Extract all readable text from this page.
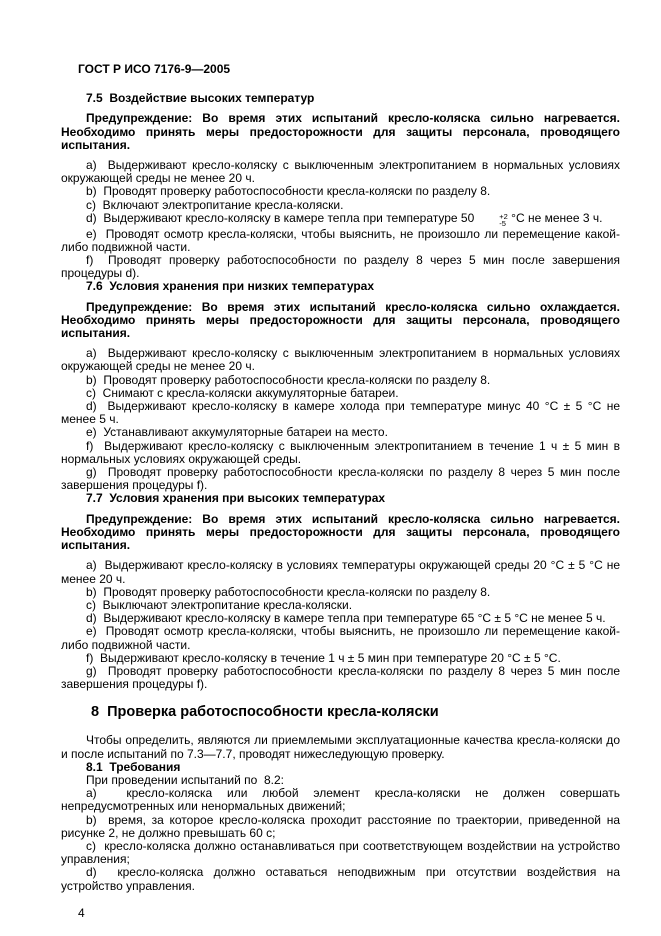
ГОСТ Р ИСО 7176-9—2005

7.5  Воздействие высоких температур

Предупреждение: Во время этих испытаний кресло-коляска сильно нагревается. Необходимо принять меры предосторожности для защиты персонала, проводящего испытания.

a)  Выдерживают кресло-коляску с выключенным электропитанием в нормальных условиях окружающей среды не менее 20 ч.

b)  Проводят проверку работоспособности кресла-коляски по разделу 8.

c)  Включают электропитание кресла-коляски.

d)  Выдерживают кресло-коляску в камере тепла при температуре 50	+2
-5 °С не менее 3 ч.

e)  Проводят осмотр кресла-коляски, чтобы выяснить, не произошло ли перемещение какой-либо подвижной части.

f)  Проводят проверку работоспособности по разделу 8 через 5 мин после завершения процедуры d).

7.6  Условия хранения при низких температурах

Предупреждение: Во время этих испытаний кресло-коляска сильно охлаждается. Необходимо принять меры предосторожности для защиты персонала, проводящего испытания.

a)  Выдерживают кресло-коляску с выключенным электропитанием в нормальных условиях окружающей среды не менее 20 ч.

b)  Проводят проверку работоспособности кресла-коляски по разделу 8.

c)  Снимают с кресла-коляски аккумуляторные батареи.

d)  Выдерживают кресло-коляску в камере холода при температуре минус 40 °С ± 5 °С не менее 5 ч.

e)  Устанавливают аккумуляторные батареи на место.

f)  Выдерживают кресло-коляску с выключенным электропитанием в течение 1 ч ± 5 мин в нормальных условиях окружающей среды.

g)  Проводят проверку работоспособности кресла-коляски по разделу 8 через 5 мин после завершения процедуры f).

7.7  Условия хранения при высоких температурах

Предупреждение: Во время этих испытаний кресло-коляска сильно нагревается. Необходимо принять меры предосторожности для защиты персонала, проводящего испытания.

a)  Выдерживают кресло-коляску в условиях температуры окружающей среды 20 °С ± 5 °С не менее 20 ч.

b)  Проводят проверку работоспособности кресла-коляски по разделу 8.

c)  Выключают электропитание кресла-коляски.

d)  Выдерживают кресло-коляску в камере тепла при температуре 65 °С ± 5 °С не менее 5 ч.

e)  Проводят осмотр кресла-коляски, чтобы выяснить, не произошло ли перемещение какой-либо подвижной части.

f)  Выдерживают кресло-коляску в течение 1 ч ± 5 мин при температуре 20 °С ± 5 °С.

g)  Проводят проверку работоспособности кресла-коляски по разделу 8 через 5 мин после завершения процедуры f).

8  Проверка работоспособности кресла-коляски

Чтобы определить, являются ли приемлемыми эксплуатационные качества кресла-коляски до и после испытаний по 7.3—7.7, проводят нижеследующую проверку.

8.1  Требования

При проведении испытаний по  8.2:

a)  кресло-коляска или любой элемент кресла-коляски не должен совершать непредусмотренных или ненормальных движений;

b)  время, за которое кресло-коляска проходит расстояние по траектории, приведенной на рисунке 2, не должно превышать 60 с;

c)  кресло-коляска должно останавливаться при соответствующем воздействии на устройство управления;

d)  кресло-коляска должно оставаться неподвижным при отсутствии воздействия на устройство управления.

4
